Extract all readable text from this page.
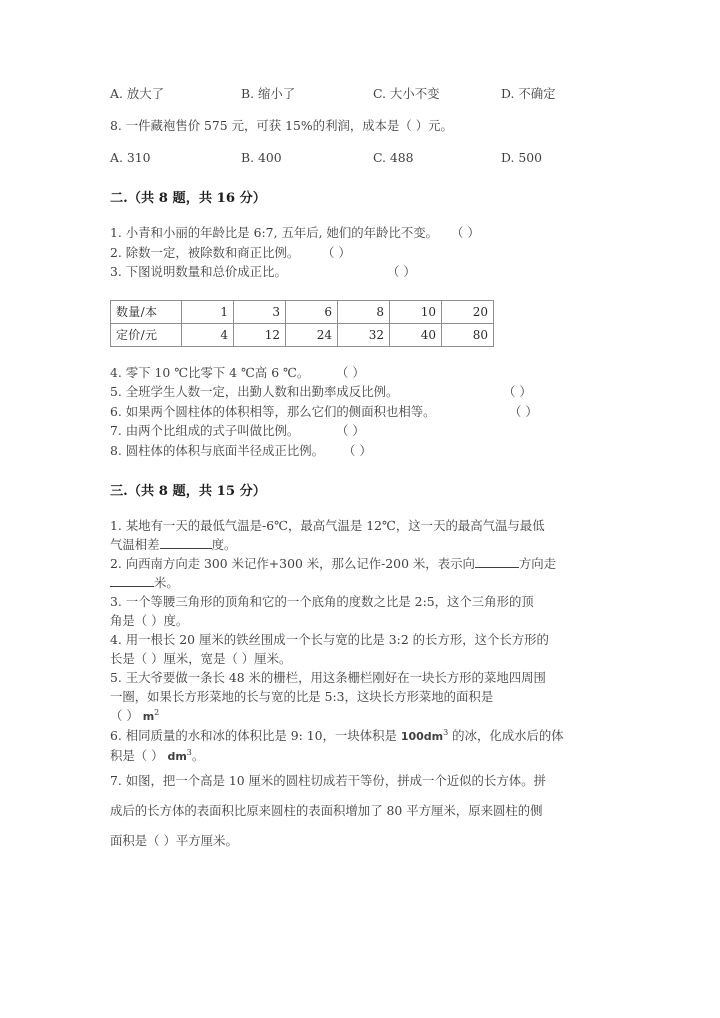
A. 放大了	B. 缩小了	C. 大小不变	D. 不确定
8. 一件藏袍售价 575 元，可获 15%的利润，成本是（ ）元。
A. 310	B. 400	C. 488	D. 500
二.（共 8 题，共 16 分）
1. 小青和小丽的年龄比是 6:7, 五年后, 她们的年龄比不变。 （ ）
2. 除数一定，被除数和商正比例。 （ ）
3. 下图说明数量和总价成正比。	（ ）
数量/本	1	3	6	8	10	20
定价/元	4	12	24	32	40	80
4. 零下 10 ℃比零下 4 ℃高 6 ℃。 （ ）
5. 全班学生人数一定，出勤人数和出勤率成反比例。	（ ）
6. 如果两个圆柱体的体积相等，那么它们的侧面积也相等。	（ ）
7. 由两个比组成的式子叫做比例。	（ ）
8. 圆柱体的体积与底面半径成正比例。 （ ）
三.（共 8 题，共 15 分）
1. 某地有一天的最低气温是-6℃，最高气温是 12℃，这一天的最高气温与最低
气温相差	度。
2. 向西南方向走 300 米记作+300 米，那么记作-200 米，表示向	方向走
米。
3. 一个等腰三角形的顶角和它的一个底角的度数之比是 2:5，这个三角形的顶
角是（ ）度。
4. 用一根长 20 厘米的铁丝围成一个长与宽的比是 3:2 的长方形，这个长方形的
长是（ ）厘米，宽是（ ）厘米。
5. 王大爷要做一条长 48 米的栅栏，用这条栅栏刚好在一块长方形的菜地四周围
一圈，如果长方形菜地的长与宽的比是 5:3，这块长方形菜地的面积是
（ ） $m^2$
6. 相同质量的水和冰的体积比是 9: 10，一块体积是 $100dm^3$ 的冰，化成水后的体
积是（ ） $dm^3$。
7. 如图，把一个高是 10 厘米的圆柱切成若干等份，拼成一个近似的长方体。拼
成后的长方体的表面积比原来圆柱的表面积增加了 80 平方厘米，原来圆柱的侧
面积是（ ）平方厘米。
